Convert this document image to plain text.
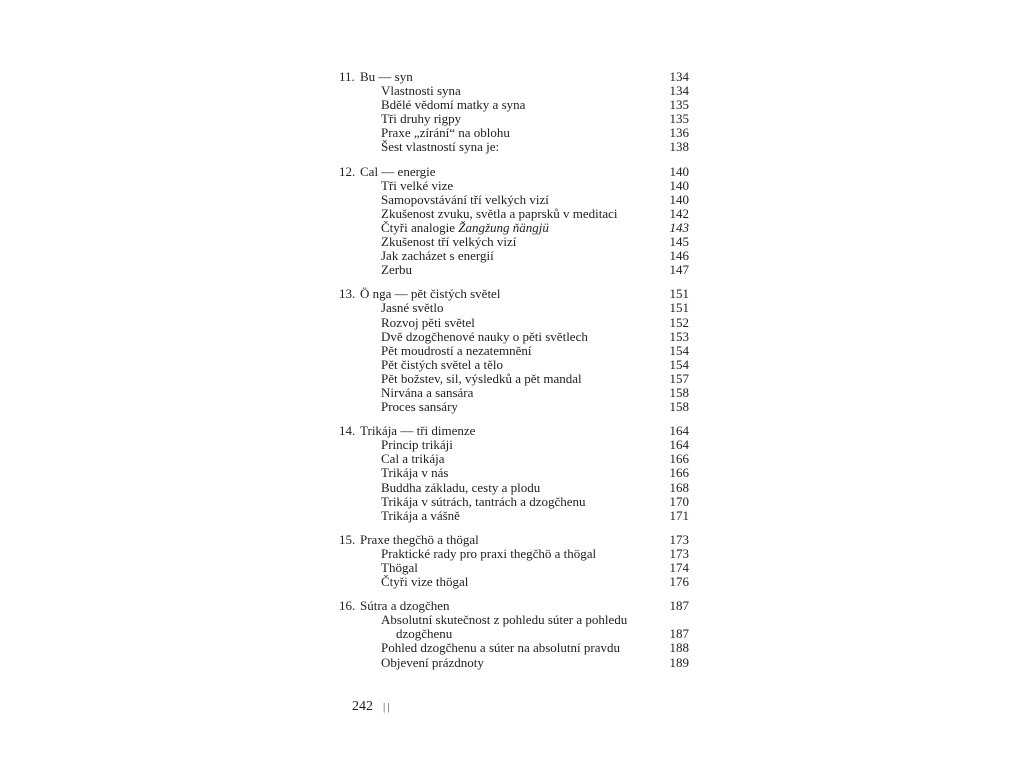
11. Bu — syn	134
Vlastnosti syna	134
Bdělé vědomí matky a syna	135
Tři druhy rigpy	135
Praxe „zírání“ na oblohu	136
Šest vlastností syna je:	138
12. Cal — energie	140
Tři velké vize	140
Samopovstávání tří velkých vizí	140
Zkušenost zvuku, světla a paprsků v meditaci	142
Čtyři analogie Žangžung ňängjü	143
Zkušenost tří velkých vizí	145
Jak zacházet s energií	146
Zerbu	147
13. Ö nga — pět čistých světel	151
Jasné světlo	151
Rozvoj pěti světel	152
Dvě dzogčhenové nauky o pěti světlech	153
Pět moudrostí a nezatemnění	154
Pět čistých světel a tělo	154
Pět božstev, sil, výsledků a pět mandal	157
Nirvána a sansára	158
Proces sansáry	158
14. Trikája — tři dimenze	164
Princip trikáji	164
Cal a trikája	166
Trikája v nás	166
Buddha základu, cesty a plodu	168
Trikája v sútrách, tantrách a dzogčhenu	170
Trikája a vášně	171
15. Praxe thegčhö a thögal	173
Praktické rady pro praxi thegčhö a thögal	173
Thögal	174
Čtyři vize thögal	176
16. Sútra a dzogčhen	187
Absolutní skutečnost z pohledu súter a pohledu
dzogčhenu	187
Pohled dzogčhenu a súter na absolutní pravdu	188
Objevení prázdnoty	189
242 ||
